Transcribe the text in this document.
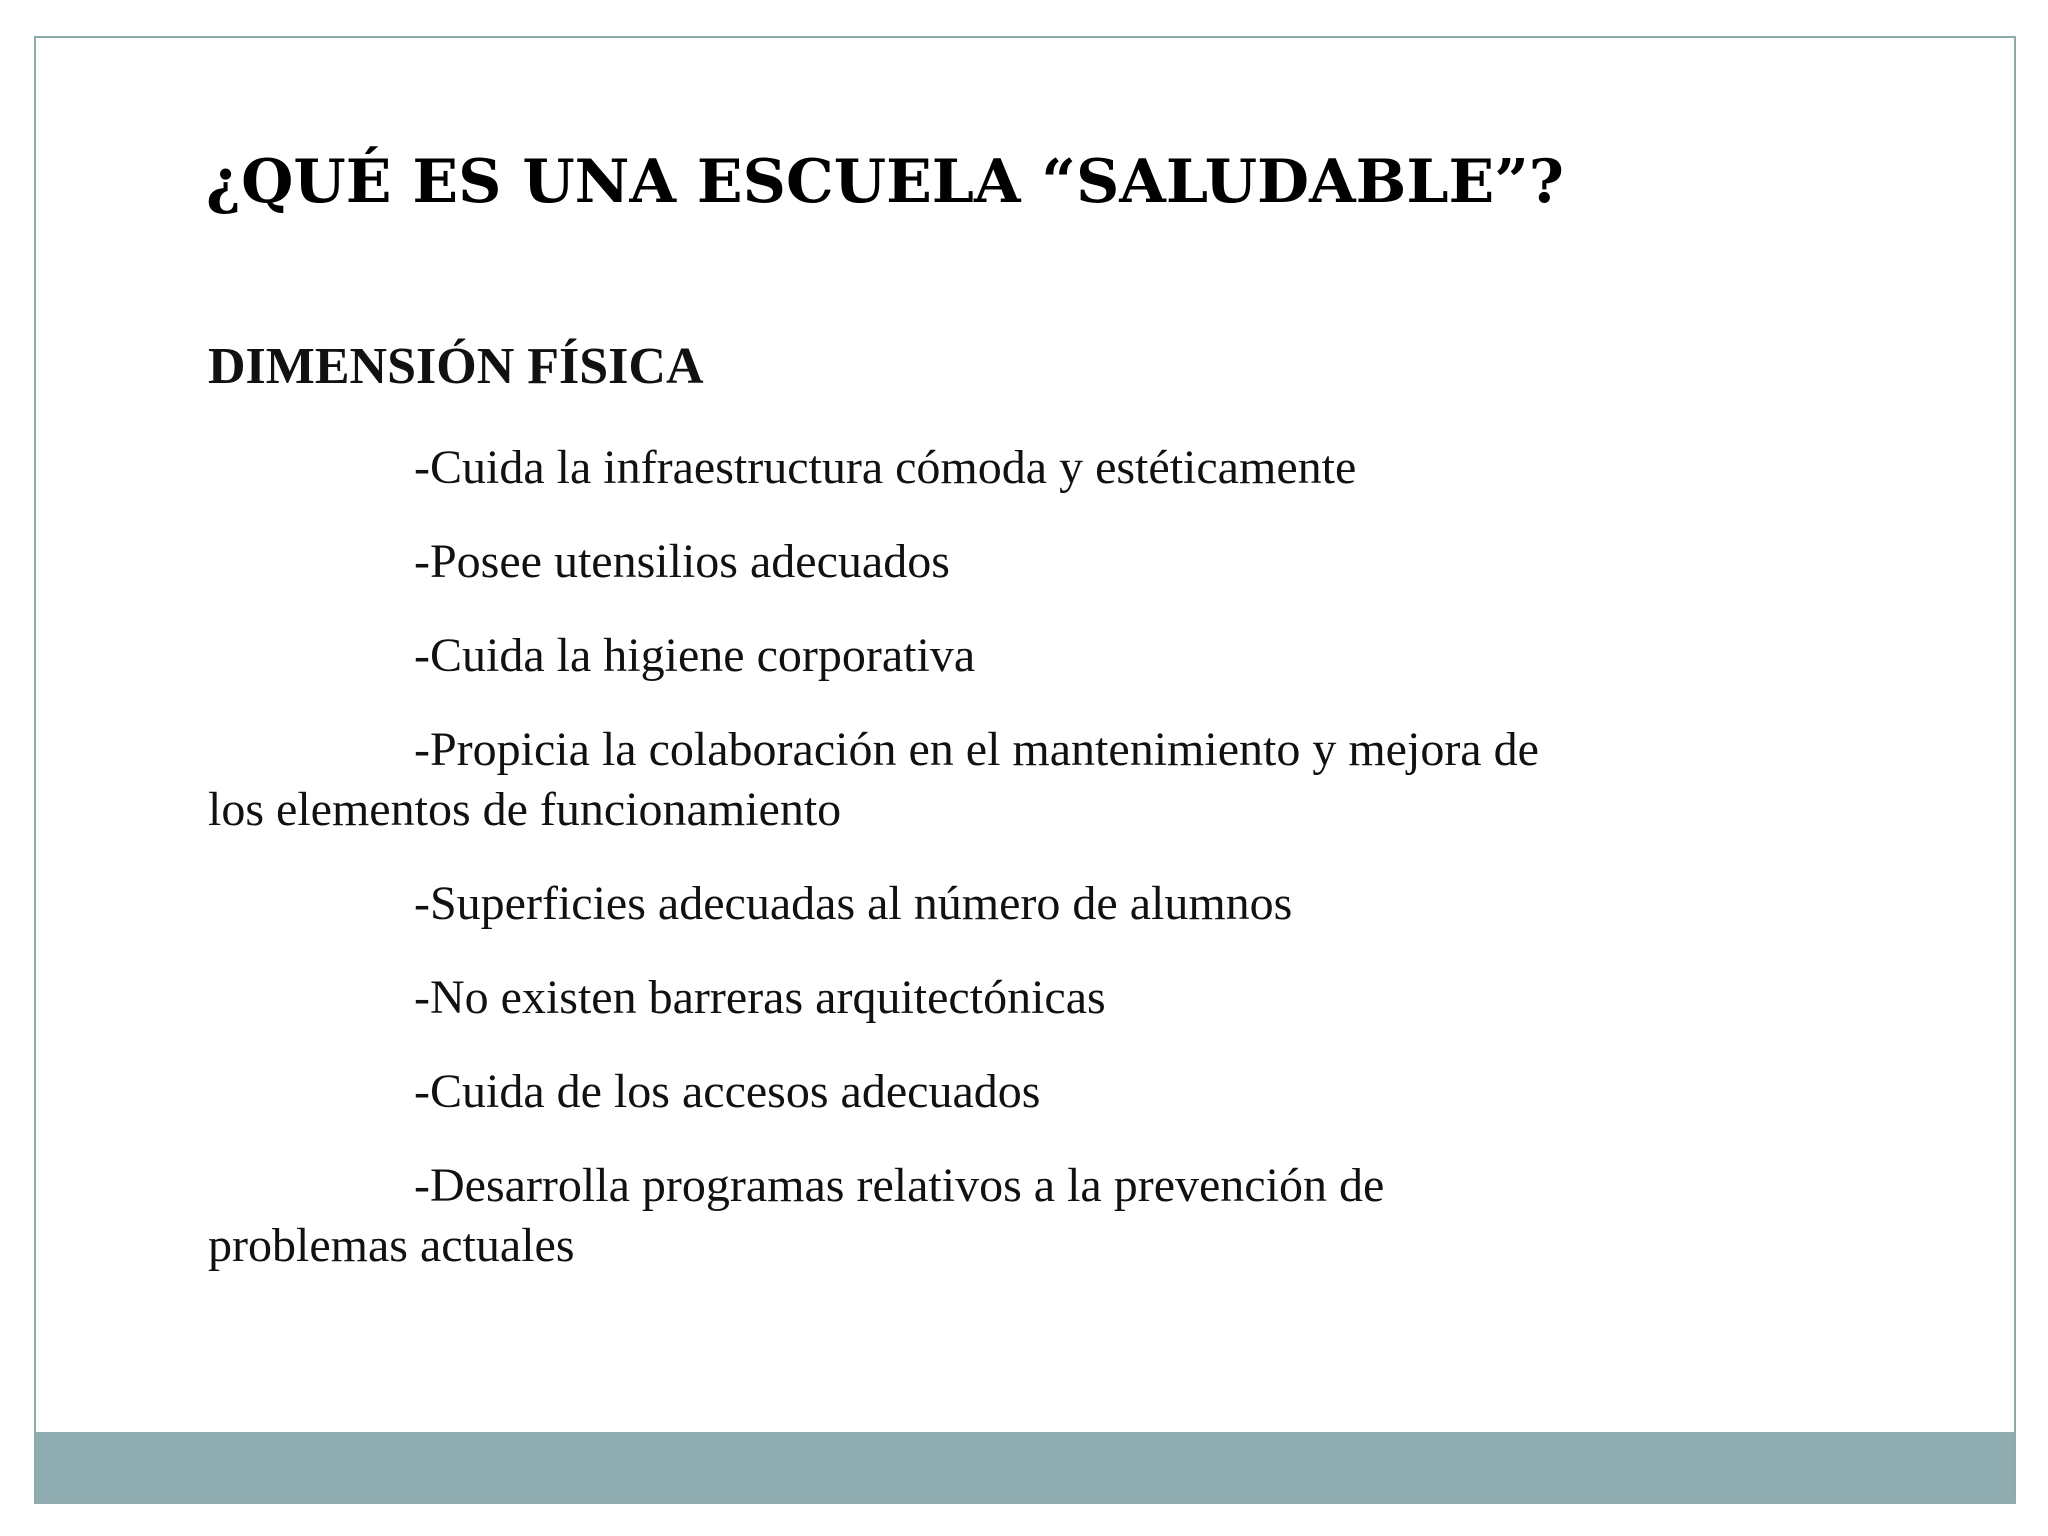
¿QUÉ ES UNA ESCUELA “SALUDABLE”?
DIMENSIÓN FÍSICA

-Cuida la infraestructura cómoda y estéticamente

-Posee utensilios adecuados

-Cuida la higiene corporativa

-Propicia la colaboración en el mantenimiento y mejora de los elementos de funcionamiento

-Superficies adecuadas al número de alumnos

-No existen barreras arquitectónicas

-Cuida de los accesos adecuados

-Desarrolla programas relativos a la prevención de problemas actuales
